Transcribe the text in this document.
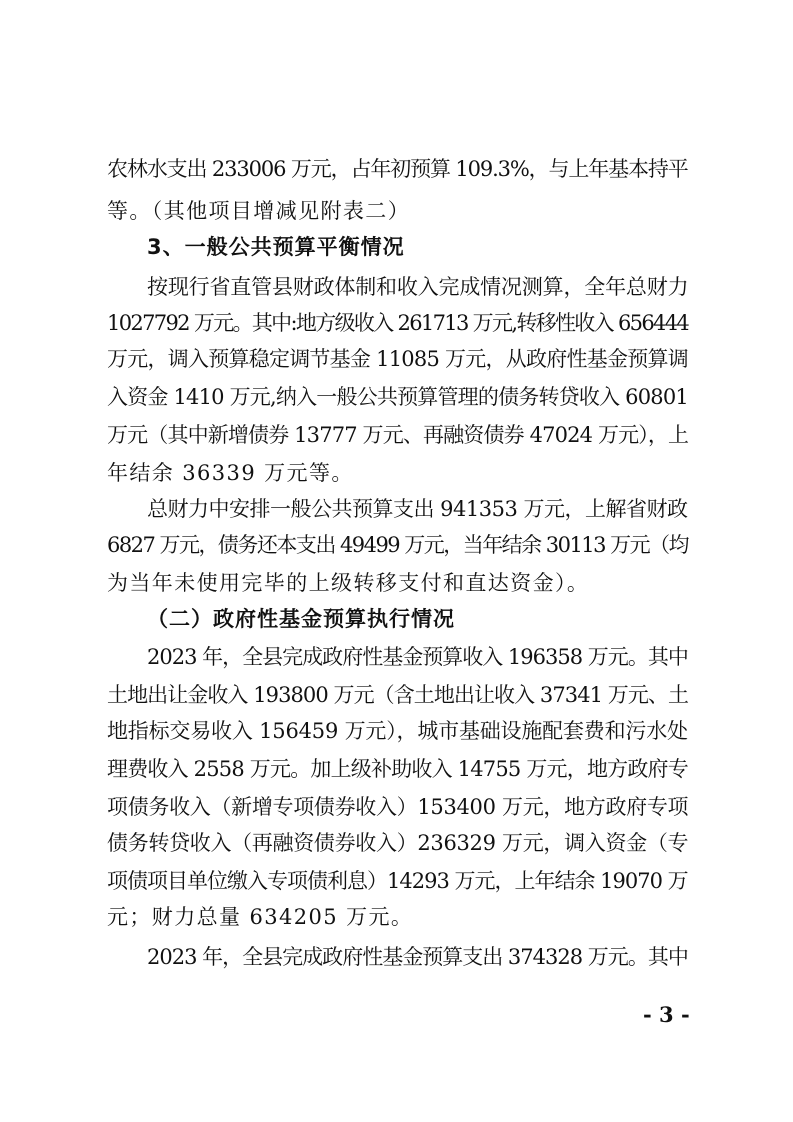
农林水支出 233006 万元，占年初预算 109.3%，与上年基本持平
等。（其他项目增减见附表二）
3、一般公共预算平衡情况
按现行省直管县财政体制和收入完成情况测算，全年总财力
1027792 万元。其中:地方级收入 261713 万元,转移性收入 656444
万元，调入预算稳定调节基金 11085 万元，从政府性基金预算调
入资金 1410 万元,纳入一般公共预算管理的债务转贷收入 60801
万元（其中新增债券 13777 万元、再融资债券 47024 万元），上
年结余 36339 万元等。
总财力中安排一般公共预算支出 941353 万元，上解省财政
6827 万元，债务还本支出 49499 万元，当年结余 30113 万元（均
为当年未使用完毕的上级转移支付和直达资金）。
（二）政府性基金预算执行情况
2023 年，全县完成政府性基金预算收入 196358 万元。其中
土地出让金收入 193800 万元（含土地出让收入 37341 万元、土
地指标交易收入 156459 万元），城市基础设施配套费和污水处
理费收入 2558 万元。加上级补助收入 14755 万元，地方政府专
项债务收入（新增专项债券收入）153400 万元，地方政府专项
债务转贷收入（再融资债券收入）236329 万元，调入资金（专
项债项目单位缴入专项债利息）14293 万元，上年结余 19070 万
元；财力总量 634205 万元。
2023 年，全县完成政府性基金预算支出 374328 万元。其中
- 3 -
